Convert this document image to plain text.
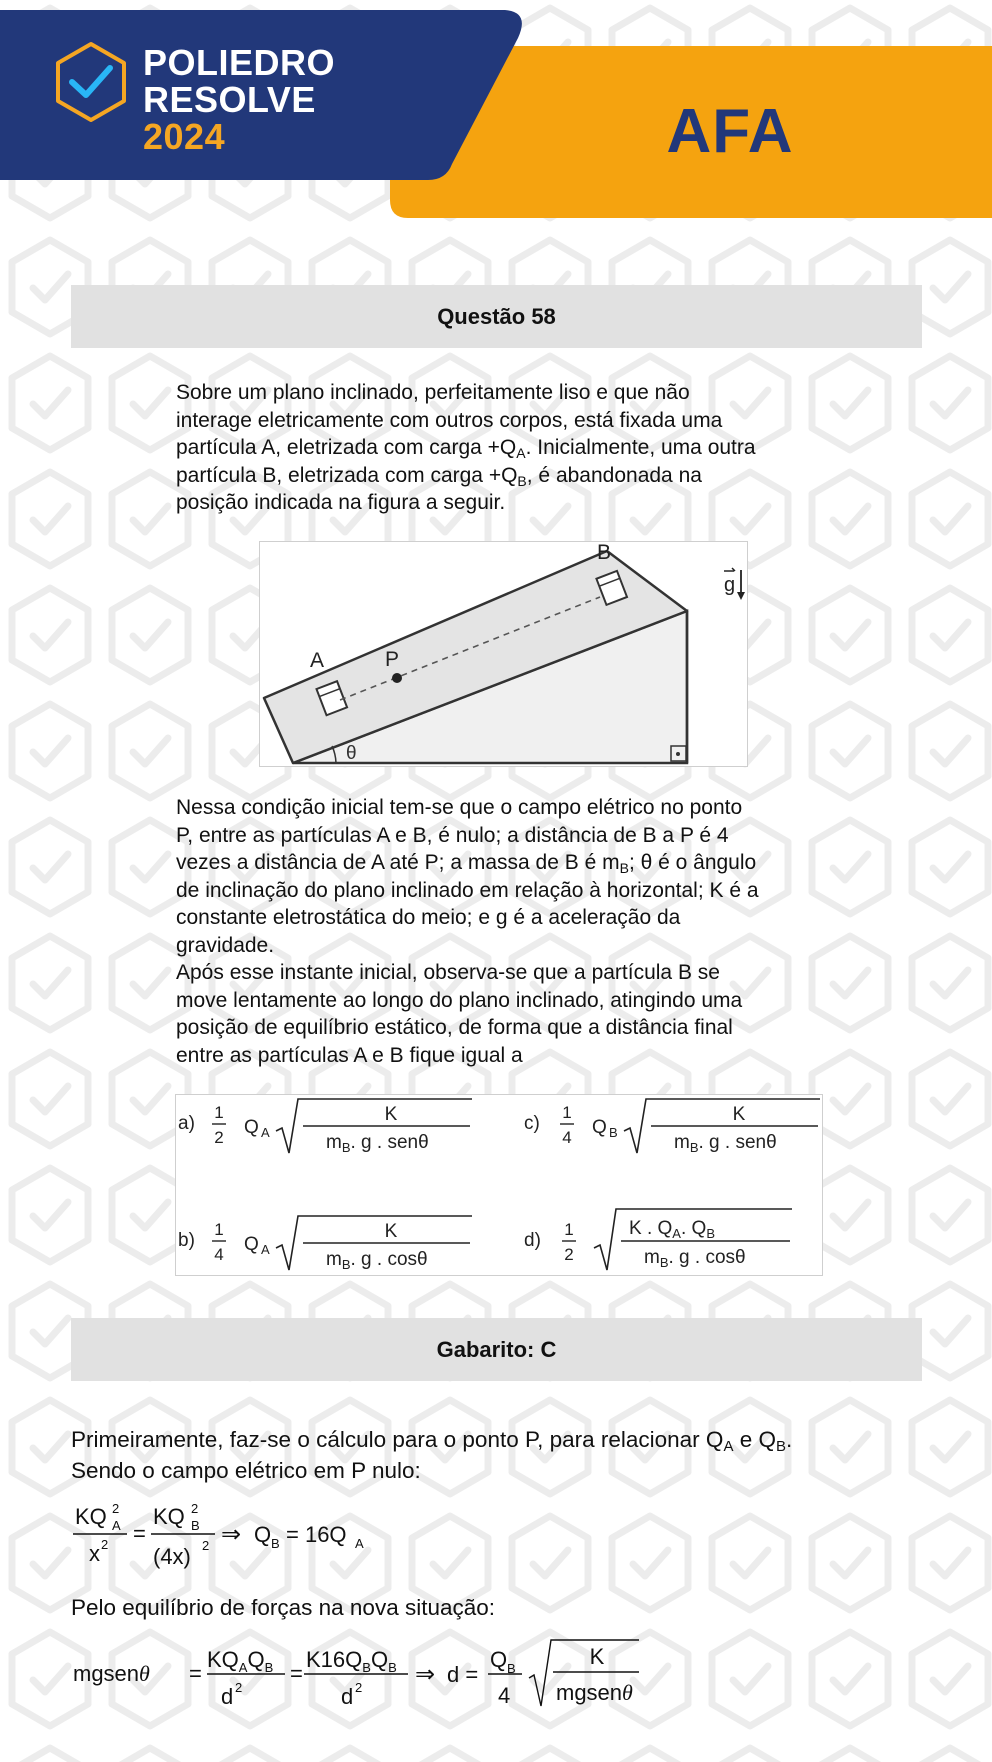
POLIEDRO
RESOLVE
2024	AFA
Questão 58
Sobre um plano inclinado, perfeitamente liso e que não
interage eletricamente com outros corpos, está fixada uma
partícula A, eletrizada com carga $+Q_A$. Inicialmente, uma outra
partícula B, eletrizada com carga $+Q_B$, é abandonada na
posição indicada na figura a seguir.
θ
A	P
B
g
Nessa condição inicial tem-se que o campo elétrico no ponto
P, entre as partículas A e B, é nulo; a distância de B a P é 4
vezes a distância de A até P; a massa de B é $m_B$; θ é o ângulo
de inclinação do plano inclinado em relação à horizontal; K é a
constante eletrostática do meio; e g é a aceleração da
gravidade.
Após esse instante inicial, observa-se que a partícula B se
move lentamente ao longo do plano inclinado, atingindo uma
posição de equilíbrio estático, de forma que a distância final
entre as partículas A e B fique igual a
a)
1
2 Q A
K
$m_B$. g . senθ
c)
1
4 Q B
K
$m_B$. g . senθ
b)
1
4 Q A
K
$m_B$. g . cosθ
d)
1
2
K . $Q_A$. $Q_B$
$m_B$. g . cosθ
Gabarito: C
Primeiramente, faz-se o cálculo para o ponto P, para relacionar $Q_A$ e $Q_B$.
Sendo o campo elétrico em P nulo:
KQ 2
A
x 2 =
KQ 2
B
(4x) 2 ⇒ Q B = 16Q A
Pelo equilíbrio de forças na nova situação:
mgsenθ =
$KQ_AQ_B$
d 2
=
$K16Q_BQ_B$
d 2 ⇒ d =
Q B
4
K
mgsenθ
